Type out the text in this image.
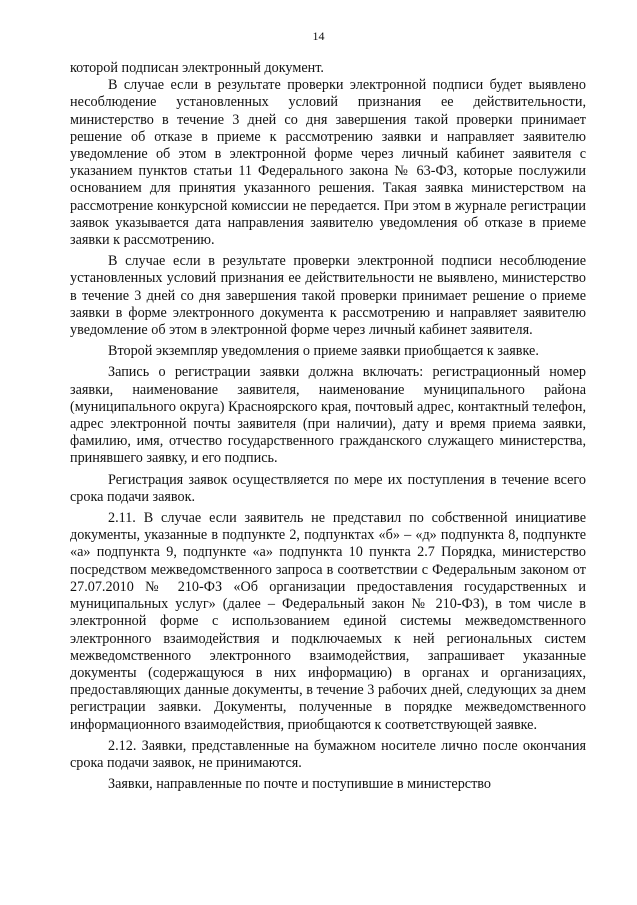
14

которой подписан электронный документ.

В случае если в результате проверки электронной подписи будет выявлено несоблюдение установленных условий признания ее действительности, министерство в течение 3 дней со дня завершения такой проверки принимает решение об отказе в приеме к рассмотрению заявки и направляет заявителю уведомление об этом в электронной форме через личный кабинет заявителя с указанием пунктов статьи 11 Федерального закона № 63-ФЗ, которые послужили основанием для принятия указанного решения. Такая заявка министерством на рассмотрение конкурсной комиссии не передается. При этом в журнале регистрации заявок указывается дата направления заявителю уведомления об отказе в приеме заявки к рассмотрению.

В случае если в результате проверки электронной подписи несоблюдение установленных условий признания ее действительности не выявлено, министерство в течение 3 дней со дня завершения такой проверки принимает решение о приеме заявки в форме электронного документа к рассмотрению и направляет заявителю уведомление об этом в электронной форме через личный кабинет заявителя.

Второй экземпляр уведомления о приеме заявки приобщается к заявке.

Запись о регистрации заявки должна включать: регистрационный номер заявки, наименование заявителя, наименование муниципального района (муниципального округа) Красноярского края, почтовый адрес, контактный телефон, адрес электронной почты заявителя (при наличии), дату и время приема заявки, фамилию, имя, отчество государственного гражданского служащего министерства, принявшего заявку, и его подпись.

Регистрация заявок осуществляется по мере их поступления в течение всего срока подачи заявок.

2.11. В случае если заявитель не представил по собственной инициативе документы, указанные в подпункте 2, подпунктах «б» – «д» подпункта 8, подпункте «а» подпункта 9, подпункте «а» подпункта 10 пункта 2.7 Порядка, министерство посредством межведомственного запроса в соответствии с Федеральным законом от 27.07.2010 № 210-ФЗ «Об организации предоставления государственных и муниципальных услуг» (далее – Федеральный закон № 210-ФЗ), в том числе в электронной форме с использованием единой системы межведомственного электронного взаимодействия и подключаемых к ней региональных систем межведомственного электронного взаимодействия, запрашивает указанные документы (содержащуюся в них информацию) в органах и организациях, предоставляющих данные документы, в течение 3 рабочих дней, следующих за днем регистрации заявки. Документы, полученные в порядке межведомственного информационного взаимодействия, приобщаются к соответствующей заявке.

2.12. Заявки, представленные на бумажном носителе лично после окончания срока подачи заявок, не принимаются.

Заявки, направленные по почте и поступившие в министерство
